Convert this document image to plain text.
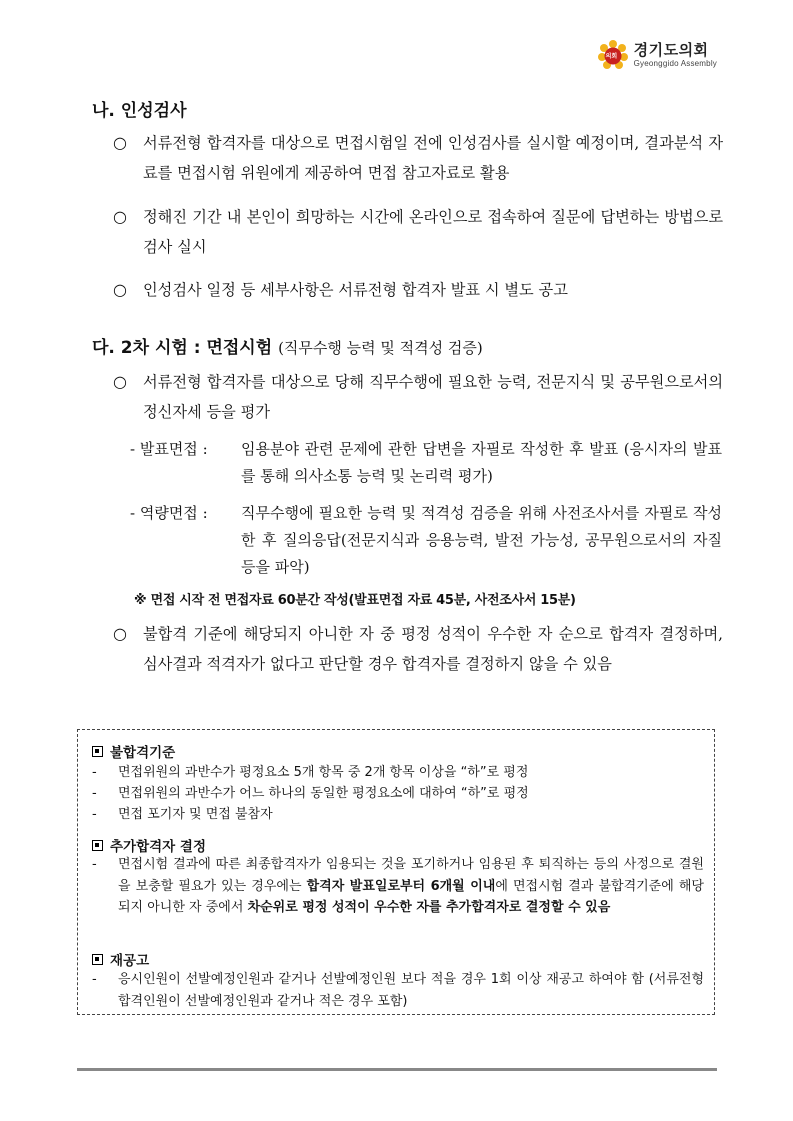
의회 경기도의회
Gyeonggido Assembly
나. 인성검사
○	서류전형 합격자를 대상으로 면접시험일 전에 인성검사를 실시할 예정이며, 결과분석 자료를 면접시험 위원에게 제공하여 면접 참고자료로 활용
○	정해진 기간 내 본인이 희망하는 시간에 온라인으로 접속하여 질문에 답변하는 방법으로 검사 실시
○	인성검사 일정 등 세부사항은 서류전형 합격자 발표 시 별도 공고
다. 2차 시험 : 면접시험 (직무수행 능력 및 적격성 검증)
○	서류전형 합격자를 대상으로 당해 직무수행에 필요한 능력, 전문지식 및 공무원으로서의 정신자세 등을 평가
- 발표면접 :	임용분야 관련 문제에 관한 답변을 자필로 작성한 후 발표 (응시자의 발표를 통해 의사소통 능력 및 논리력 평가)
- 역량면접 :	직무수행에 필요한 능력 및 적격성 검증을 위해 사전조사서를 자필로 작성한 후 질의응답(전문지식과 응용능력, 발전 가능성, 공무원으로서의 자질 등을 파악)
※ 면접 시작 전 면접자료 60분간 작성(발표면접 자료 45분, 사전조사서 15분)
○	불합격 기준에 해당되지 아니한 자 중 평정 성적이 우수한 자 순으로 합격자 결정하며, 심사결과 적격자가 없다고 판단할 경우 합격자를 결정하지 않을 수 있음
불합격기준
-	면접위원의 과반수가 평정요소 5개 항목 중 2개 항목 이상을 “하”로 평정
-	면접위원의 과반수가 어느 하나의 동일한 평정요소에 대하여 “하”로 평정
-	면접 포기자 및 면접 불참자
추가합격자 결정
-	면접시험 결과에 따른 최종합격자가 임용되는 것을 포기하거나 임용된 후 퇴직하는 등의 사정으로 결원을 보충할 필요가 있는 경우에는 합격자 발표일로부터 6개월 이내에 면접시험 결과 불합격기준에 해당되지 아니한 자 중에서 차순위로 평정 성적이 우수한 자를 추가합격자로 결정할 수 있음
재공고
-	응시인원이 선발예정인원과 같거나 선발예정인원 보다 적을 경우 1회 이상 재공고 하여야 함 (서류전형 합격인원이 선발예정인원과 같거나 적은 경우 포함)
